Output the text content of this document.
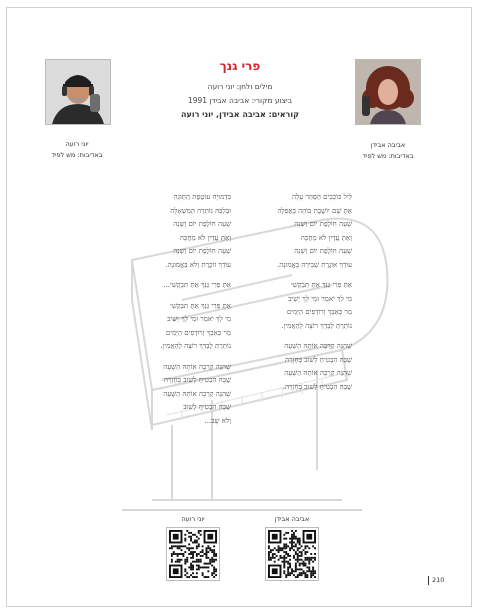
פרי גנך
מילים ולחן: יוני רועה
ביצוע מקורי: אביבה אבידן 1991
קוראים: אביבה אבידן, יוני רועה
יוני רועה
באדיבות: משׁ לפיד
אביבה אבידן
באדיבות: משׁ לפיד
לֵיל כּוֹכָבִים הַסַּהַר עָלָה
אַתְּ שָׁם יוֹשֶׁבֶת בּוֹהָה בָּאֲפֵלָה
שָׁעָה חוֹלֶפֶת יוֹם וְשָׁנָה
וְאַתְּ עֲדַיִן לֹא מְחֻכָּה
שָׁעָה חוֹלֶפֶת יוֹם וְשָׁנָה
עוֹדֵךְ אוֹגֶרֶת שְׁבִירָה בָּאֱמוּנָה.
אַתְּ פְּרִי גַּנֵּךְ אַתְּ תִּבְקְשִׁי
מִי לָךְ יֹאמַר וּמִי לָךְ יָשִׁיב
מַר כְּאֵבֵךְ וְרוֹדְפִים הַיָּמִים
נוֹתַרְתְּ לְבַדֵּךְ רוֹצָה לְהַאֲמִין.
שָׁהִנֵּה קְרֵבָה אוֹתָהּ הַשָּׁעָה
שֶׁבָּהּ הִבְטִיחַ לָשׁוּב בְּחָזָרָה
שָׁהִנֵּה קְרֵבָה אוֹתָהּ הַשָּׁעָה
שֶׁבָּהּ הִבְטִיחַ לָשׁוּב בְּחָזָרָה.
בִּדְמוּיָהּ עוֹטֶפֶת הַתְּוּגָה
וּבְלִבָּהּ נוֹתְרָה הַמִּשְׁאָלָה
שָׁעָה חוֹלֶפֶת יוֹם וְשָׁנָה
וְאַתְּ עֲדַיִן לֹא מְחֻכָּה
שָׁעָה חוֹלֶפֶת יוֹם וְשָׁנָה
עוֹדֵךְ זוֹכֶרֶת וְלֹא בְּאֱמוּנָה.
אַתְּ פְּרִי גַּנֵּךְ אַתְּ תִּבְקְשִׁי...
אַתְּ פְּרִי גַּנֵּךְ אַתְּ תִּבְקְשִׁי
מִי לָךְ יֹאמַר וּמִי לָךְ יָשִׁיב
מַר כְּאֵבֵךְ וְרוֹדְפִים הַיָּמִים
נוֹתַרְתְּ לְבַדֵּךְ רוֹצָה לְהַאֲמִין.
שָׁהִנֵּה קְרֵבָה אוֹתָהּ הַשָּׁעָה
שֶׁבָּהּ הִבְטִיחַ לָשׁוּב בְּחָזָרָה
שָׁהִנֵּה קְרֵבָה אוֹתָהּ הַשָּׁעָה
שֶׁבָּהּ הִבְטִיחַ לָשׁוּב
וְלֹא שָׁב...
יוני רועה	אביבה אבידן
210
